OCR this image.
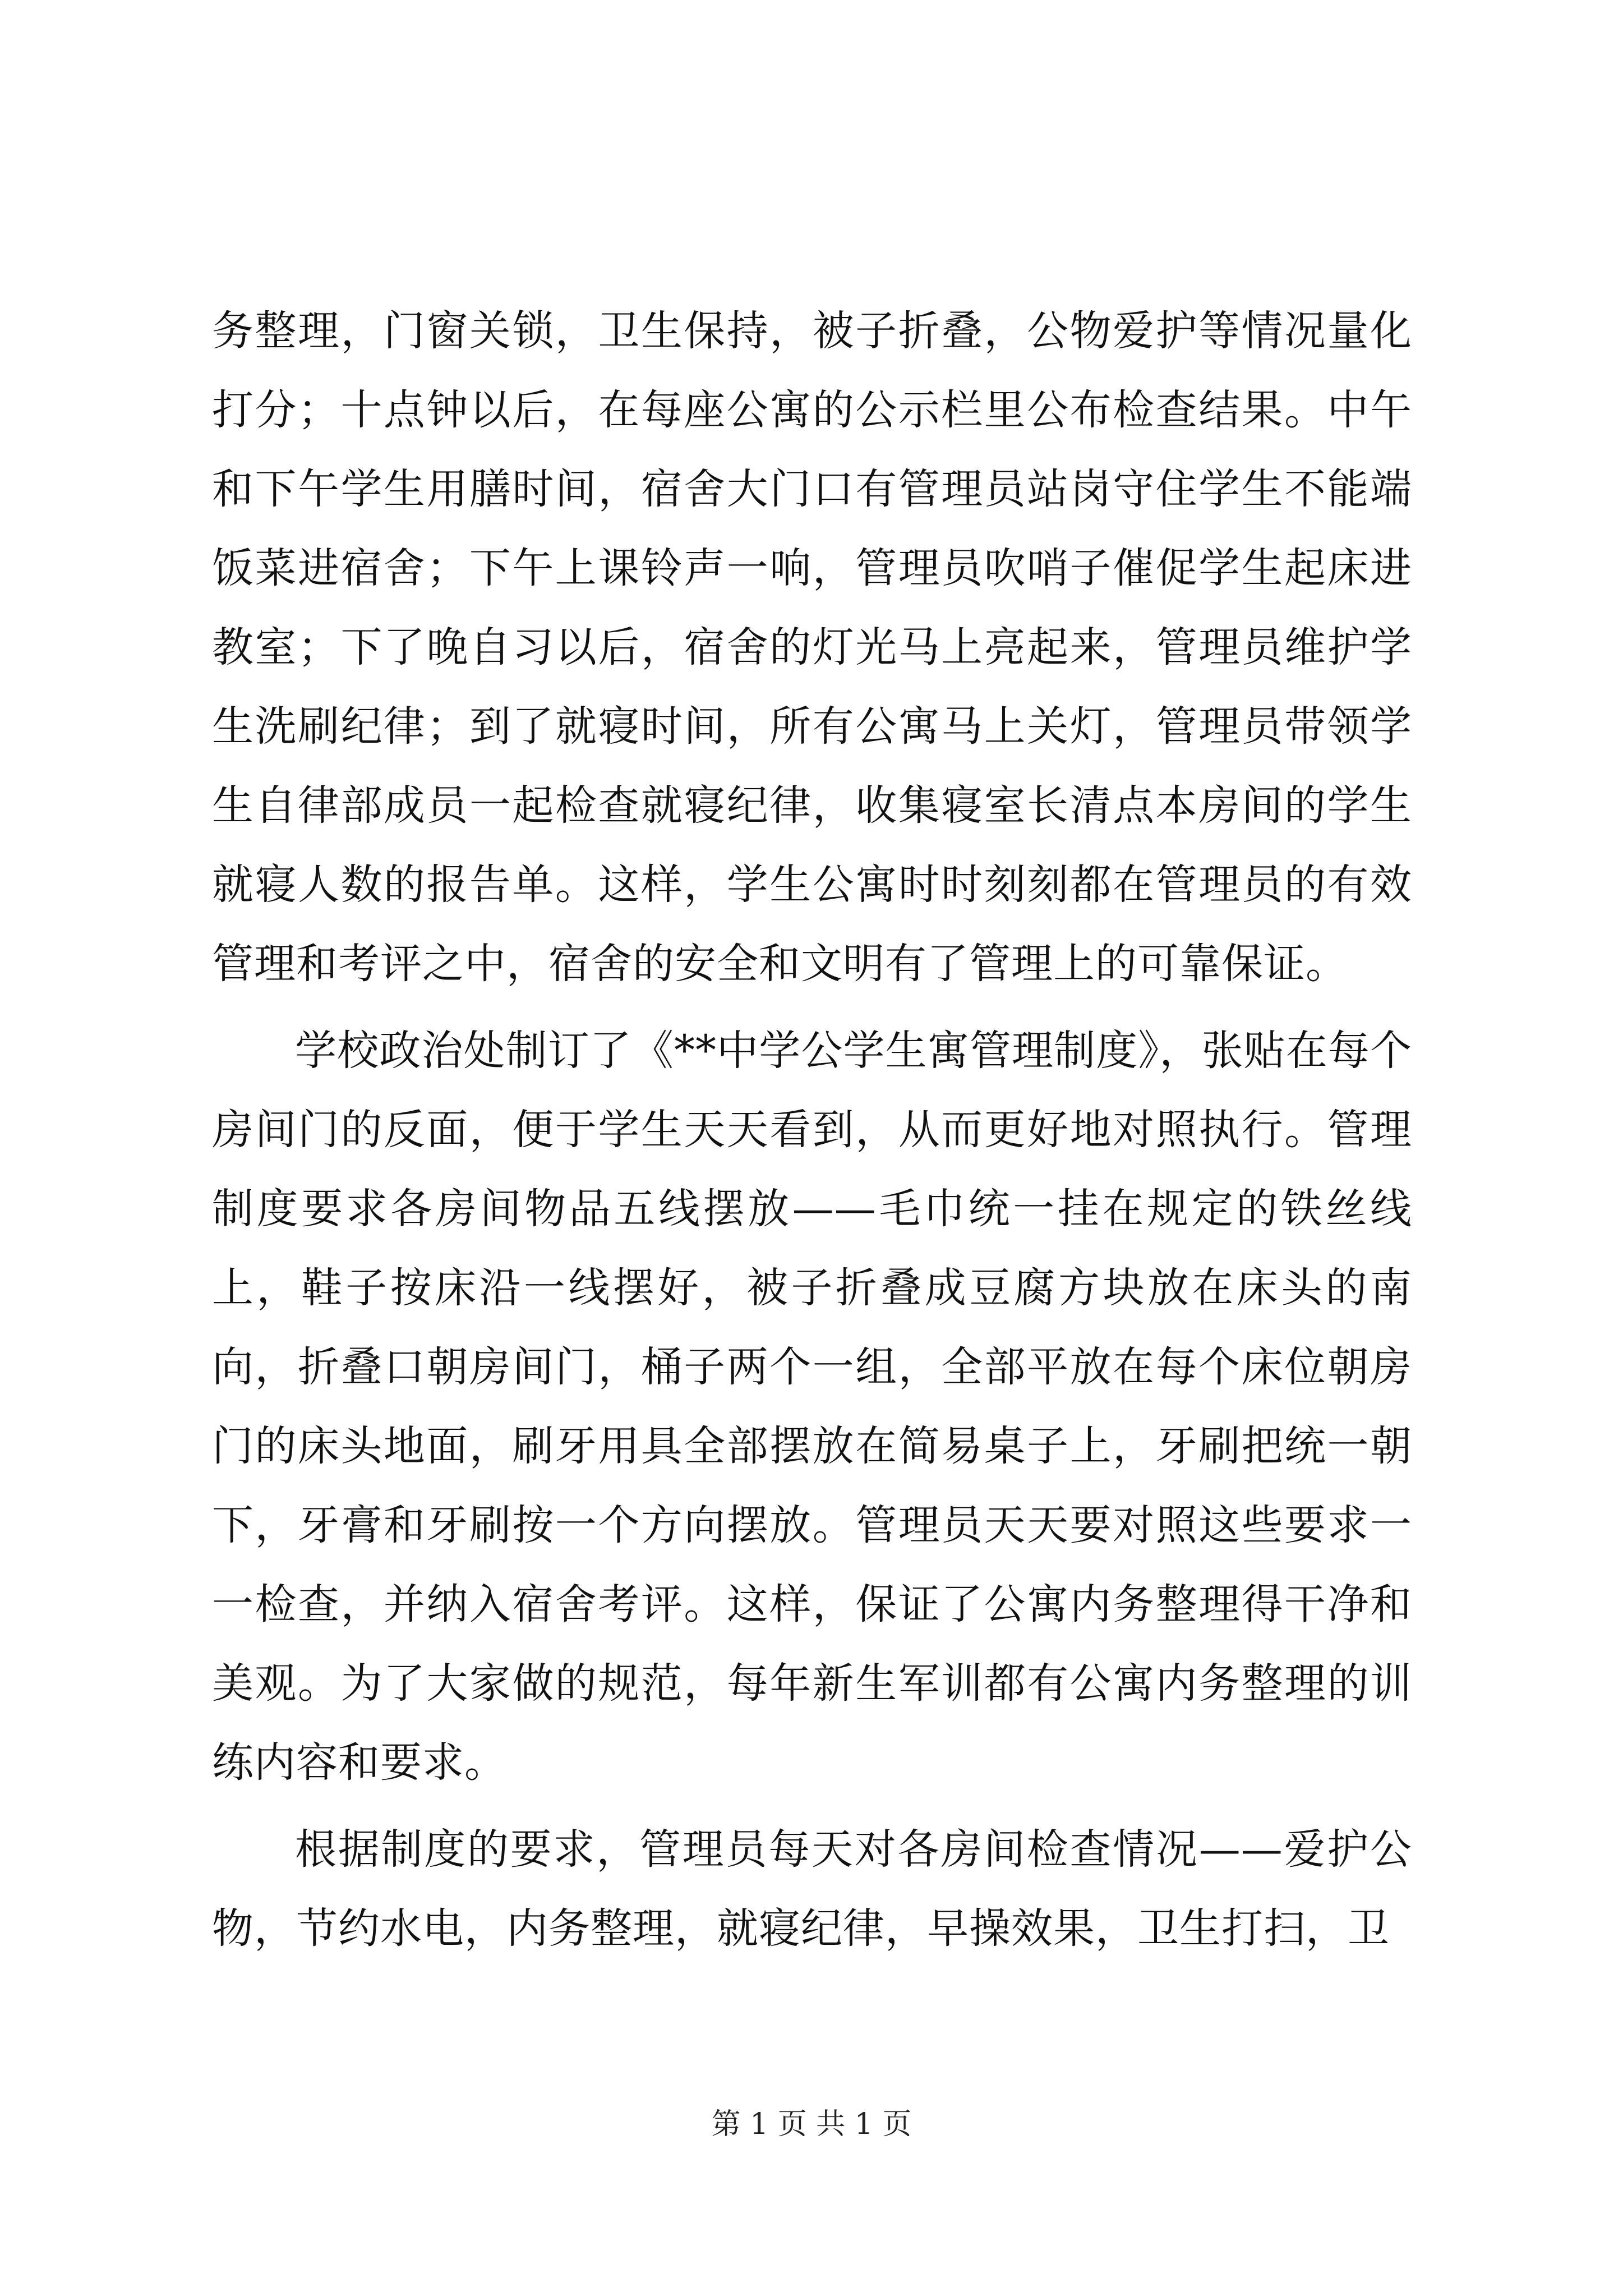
务整理，门窗关锁，卫生保持，被子折叠，公物爱护等情况量化打分；十点钟以后，在每座公寓的公示栏里公布检查结果。中午和下午学生用膳时间，宿舍大门口有管理员站岗守住学生不能端饭菜进宿舍；下午上课铃声一响，管理员吹哨子催促学生起床进教室；下了晚自习以后，宿舍的灯光马上亮起来，管理员维护学生洗刷纪律；到了就寝时间，所有公寓马上关灯，管理员带领学生自律部成员一起检查就寝纪律，收集寝室长清点本房间的学生就寝人数的报告单。这样，学生公寓时时刻刻都在管理员的有效管理和考评之中，宿舍的安全和文明有了管理上的可靠保证。

学校政治处制订了《**中学公学生寓管理制度》，张贴在每个房间门的反面，便于学生天天看到，从而更好地对照执行。管理制度要求各房间物品五线摆放——毛巾统一挂在规定的铁丝线上，鞋子按床沿一线摆好，被子折叠成豆腐方块放在床头的南向，折叠口朝房间门，桶子两个一组，全部平放在每个床位朝房门的床头地面，刷牙用具全部摆放在简易桌子上，牙刷把统一朝下，牙膏和牙刷按一个方向摆放。管理员天天要对照这些要求一一检查，并纳入宿舍考评。这样，保证了公寓内务整理得干净和美观。为了大家做的规范，每年新生军训都有公寓内务整理的训练内容和要求。

根据制度的要求，管理员每天对各房间检查情况——爱护公物，节约水电，内务整理，就寝纪律，早操效果，卫生打扫，卫

第 1 页 共 1 页
